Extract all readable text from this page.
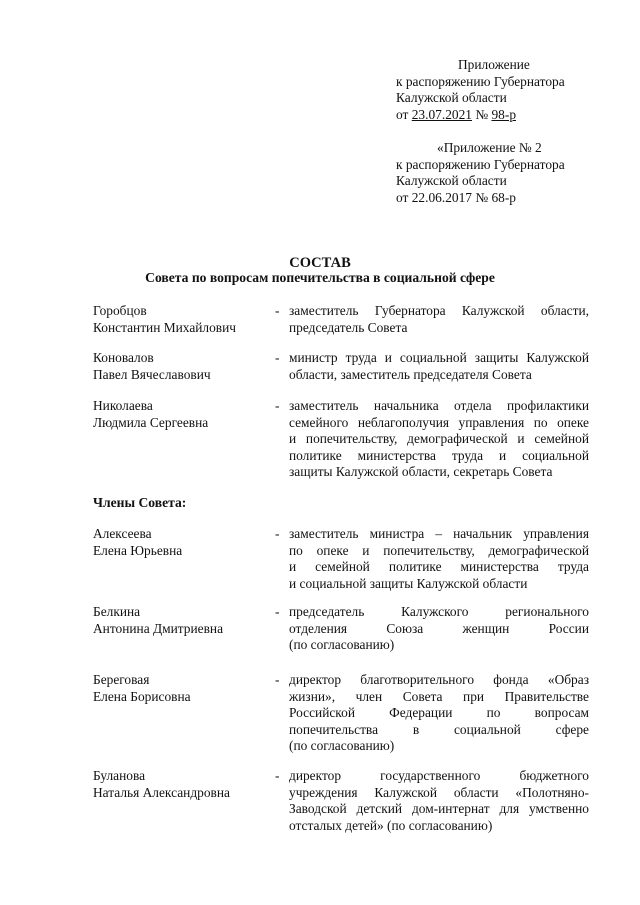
Приложение
к распоряжению Губернатора
Калужской области
от 23.07.2021 № 98-р
«Приложение № 2
к распоряжению Губернатора
Калужской области
от 22.06.2017 № 68-р
СОСТАВ
Совета по вопросам попечительства в социальной сфере
Горобцов
Константин Михайлович
- заместитель Губернатора Калужской области,
председатель Совета
Коновалов
Павел Вячеславович
- министр труда и социальной защиты Калужской
области, заместитель председателя Совета
Николаева
Людмила Сергеевна
- заместитель начальника отдела профилактики
семейного неблагополучия управления по опеке
и попечительству, демографической и семейной
политике министерства труда и социальной
защиты Калужской области, секретарь Совета
Члены Совета:
Алексеева
Елена Юрьевна
- заместитель министра – начальник управления
по опеке и попечительству, демографической
и семейной политике министерства труда
и социальной защиты Калужской области
Белкина
Антонина Дмитриевна
- председатель Калужского регионального
отделения Союза женщин России
(по согласованию)
Береговая
Елена Борисовна
- директор благотворительного фонда «Образ
жизни», член Совета при Правительстве
Российской Федерации по вопросам
попечительства в социальной сфере
(по согласованию)
Буланова
Наталья Александровна
- директор государственного бюджетного
учреждения Калужской области «Полотняно-
Заводской детский дом-интернат для умственно
отсталых детей» (по согласованию)
